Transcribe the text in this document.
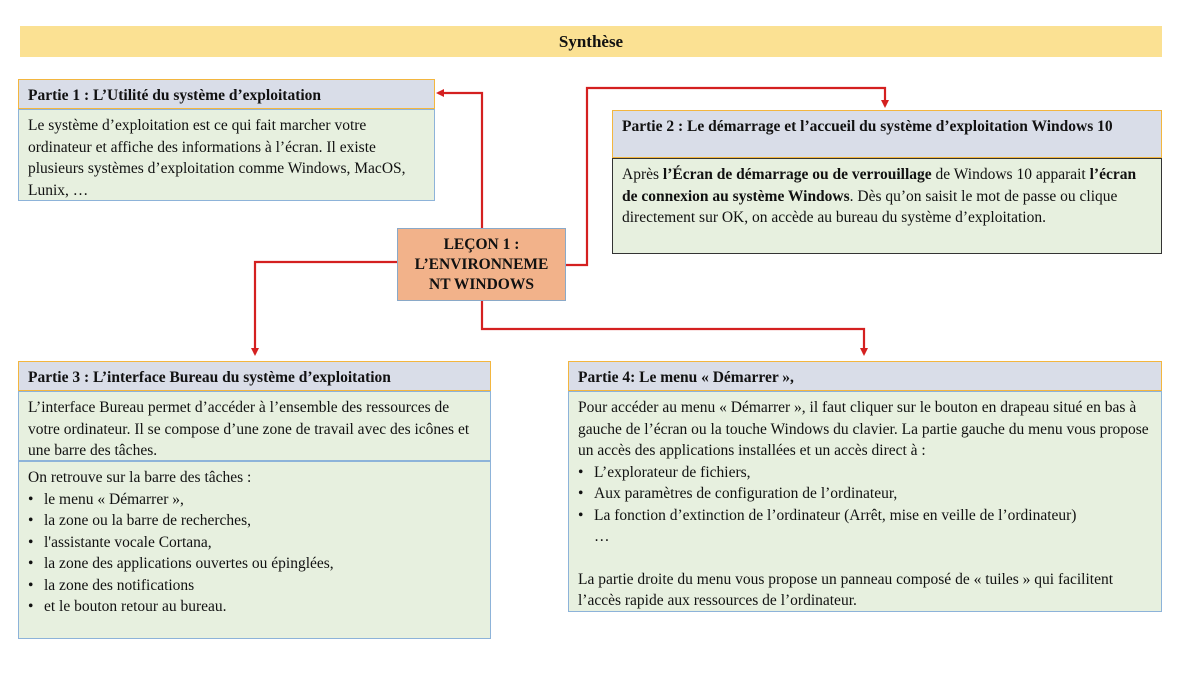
Synthèse
Partie 1 : L’Utilité du système d’exploitation
Le système d’exploitation est ce qui fait marcher votre ordinateur et affiche des informations à l’écran. Il existe plusieurs systèmes d’exploitation comme Windows, MacOS, Lunix, …
Partie 2 : Le démarrage et l’accueil du système d’exploitation Windows 10
Après l’Écran de démarrage ou de verrouillage de Windows 10 apparait l’écran de connexion au système Windows. Dès qu’on saisit le mot de passe ou clique directement sur OK, on accède au bureau du système d’exploitation.
LEÇON 1 :
L’ENVIRONNEME
NT WINDOWS
Partie 3 : L’interface Bureau du système d’exploitation
L’interface Bureau permet d’accéder à l’ensemble des ressources de votre ordinateur. Il se compose d’une zone de travail avec des icônes et une barre des tâches.

On retrouve sur la barre des tâches :

• le menu « Démarrer »,
• la zone ou la barre de recherches,
• l'assistante vocale Cortana,
• la zone des applications ouvertes ou épinglées,
• la zone des notifications
• et le bouton retour au bureau.
Partie 4: Le menu « Démarrer »,

Pour accéder au menu « Démarrer », il faut cliquer sur le bouton en drapeau situé en bas à gauche de l’écran ou la touche Windows du clavier. La partie gauche du menu vous propose un accès des applications installées et un accès direct à :

• L’explorateur de fichiers,
• Aux paramètres de configuration de l’ordinateur,
• La fonction d’extinction de l’ordinateur (Arrêt, mise en veille de l’ordinateur)

…

La partie droite du menu vous propose un panneau composé de « tuiles » qui facilitent l’accès rapide aux ressources de l’ordinateur.
